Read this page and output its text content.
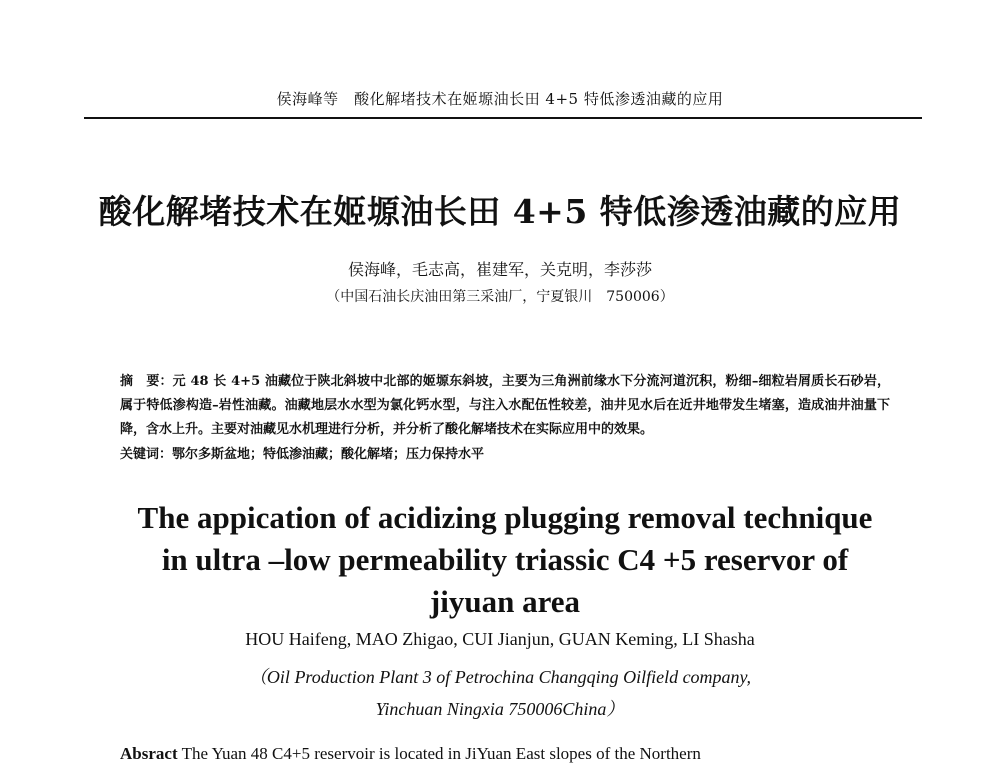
侯海峰等　酸化解堵技术在姬塬油长田 4+5 特低渗透油藏的应用
酸化解堵技术在姬塬油长田 4+5 特低渗透油藏的应用
侯海峰，毛志高，崔建军，关克明，李莎莎
（中国石油长庆油田第三采油厂，宁夏银川　750006）
摘　要：元 48 长 4+5 油藏位于陕北斜坡中北部的姬塬东斜坡，主要为三角洲前缘水下分流河道沉积，粉细–细粒岩屑质长石砂岩，属于特低渗构造–岩性油藏。油藏地层水水型为氯化钙水型，与注入水配伍性较差，油井见水后在近井地带发生堵塞，造成油井油量下降，含水上升。主要对油藏见水机理进行分析，并分析了酸化解堵技术在实际应用中的效果。
关键词：鄂尔多斯盆地；特低渗油藏；酸化解堵；压力保持水平
The appication of acidizing plugging removal technique
in ultra –low permeability triassic C4 +5 reservor of
jiyuan area
HOU Haifeng, MAO Zhigao, CUI Jianjun, GUAN Keming, LI Shasha
（Oil Production Plant 3 of Petrochina Changqing Oilfield company,
Yinchuan Ningxia 750006China）
Absract The Yuan 48 C4+5 reservoir is located in JiYuan East slopes of the Northern
